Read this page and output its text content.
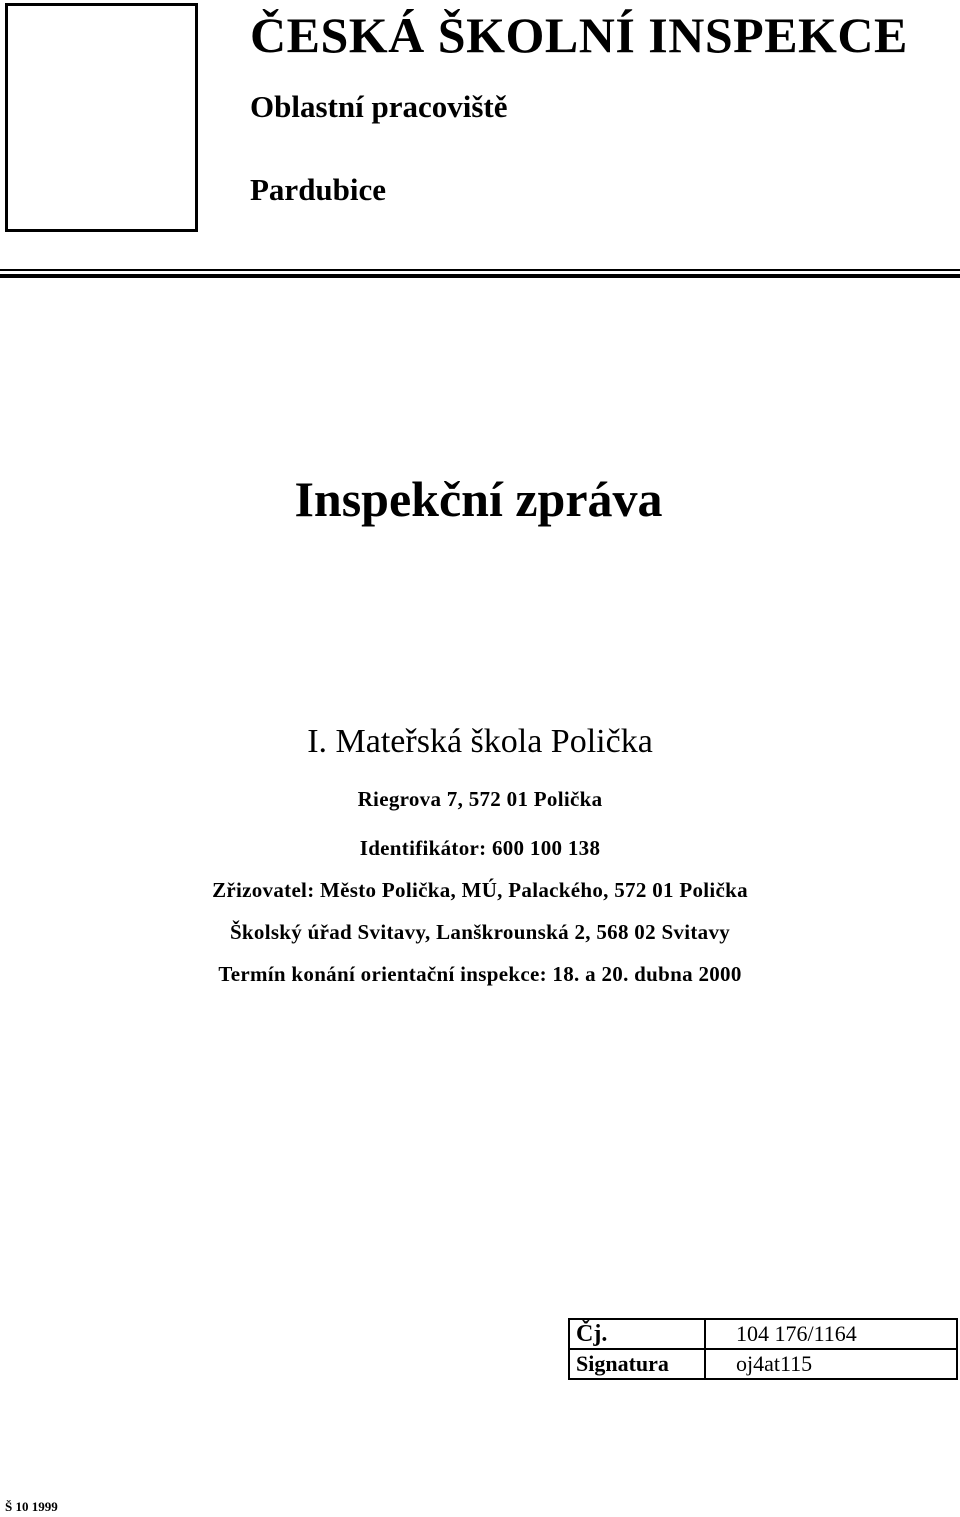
ČESKÁ ŠKOLNÍ INSPEKCE
Oblastní pracoviště
Pardubice
Inspekční zpráva
I. Mateřská škola Polička
Riegrova 7, 572 01 Polička
Identifikátor: 600 100 138
Zřizovatel: Město Polička, MÚ, Palackého, 572 01 Polička
Školský úřad Svitavy, Lanškrounská 2, 568 02 Svitavy
Termín konání orientační inspekce: 18. a 20. dubna 2000
Čj.	104 176/1164
Signatura	oj4at115
Š 10 1999
